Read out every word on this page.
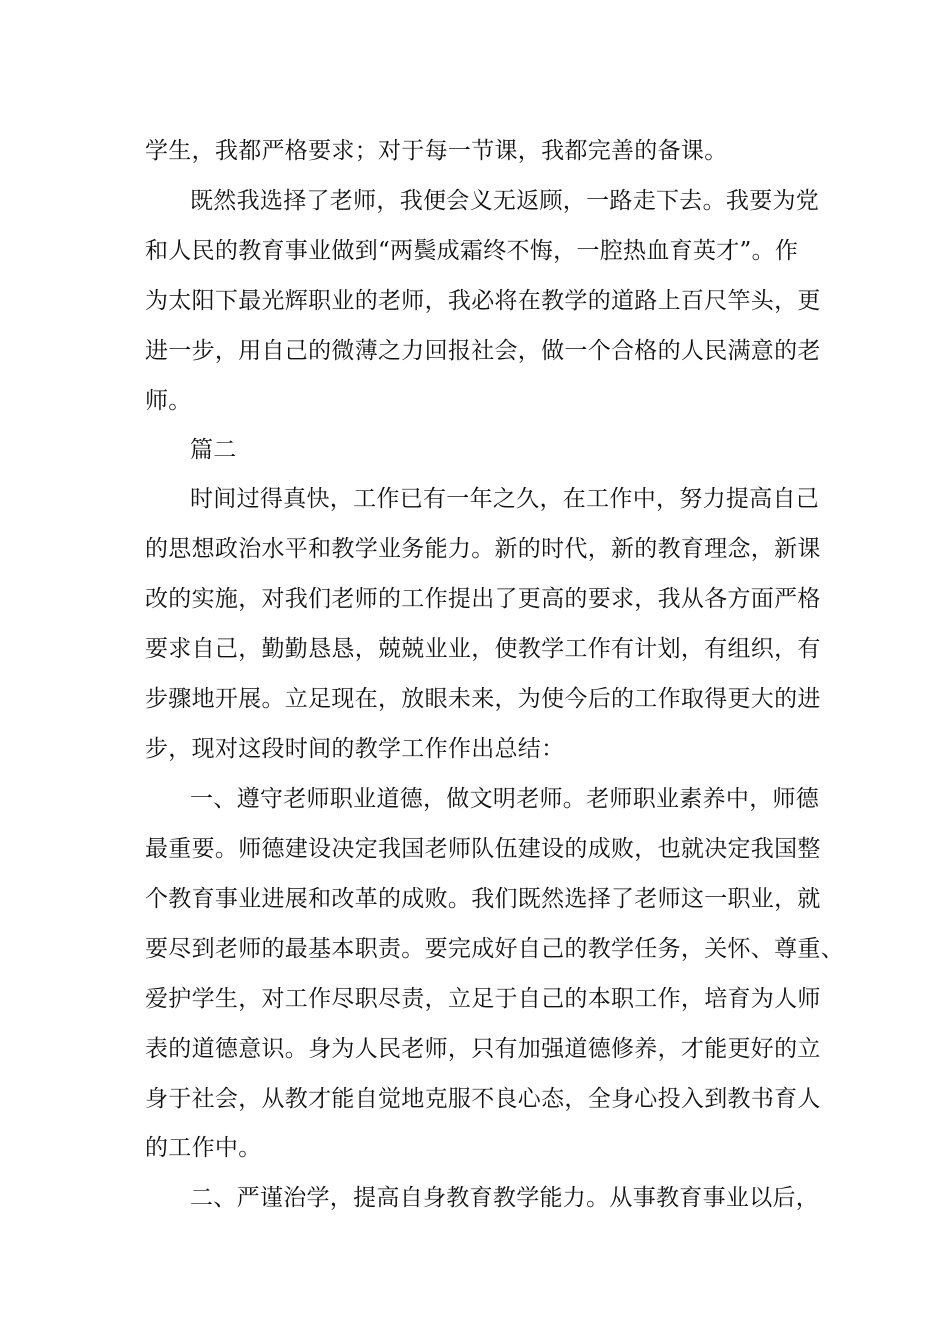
学生，我都严格要求；对于每一节课，我都完善的备课。

既然我选择了老师，我便会义无返顾，一路走下去。我要为党

和人民的教育事业做到“两鬓成霜终不悔，一腔热血育英才”。作

为太阳下最光辉职业的老师，我必将在教学的道路上百尺竿头，更

进一步，用自己的微薄之力回报社会，做一个合格的人民满意的老

师。

篇二

时间过得真快，工作已有一年之久，在工作中，努力提高自己

的思想政治水平和教学业务能力。新的时代，新的教育理念，新课

改的实施，对我们老师的工作提出了更高的要求，我从各方面严格

要求自己，勤勤恳恳，兢兢业业，使教学工作有计划，有组织，有

步骤地开展。立足现在，放眼未来，为使今后的工作取得更大的进

步，现对这段时间的教学工作作出总结：

一、遵守老师职业道德，做文明老师。老师职业素养中，师德

最重要。师德建设决定我国老师队伍建设的成败，也就决定我国整

个教育事业进展和改革的成败。我们既然选择了老师这一职业，就

要尽到老师的最基本职责。要完成好自己的教学任务，关怀、尊重、

爱护学生，对工作尽职尽责，立足于自己的本职工作，培育为人师

表的道德意识。身为人民老师，只有加强道德修养，才能更好的立

身于社会，从教才能自觉地克服不良心态，全身心投入到教书育人

的工作中。

二、严谨治学，提高自身教育教学能力。从事教育事业以后，
